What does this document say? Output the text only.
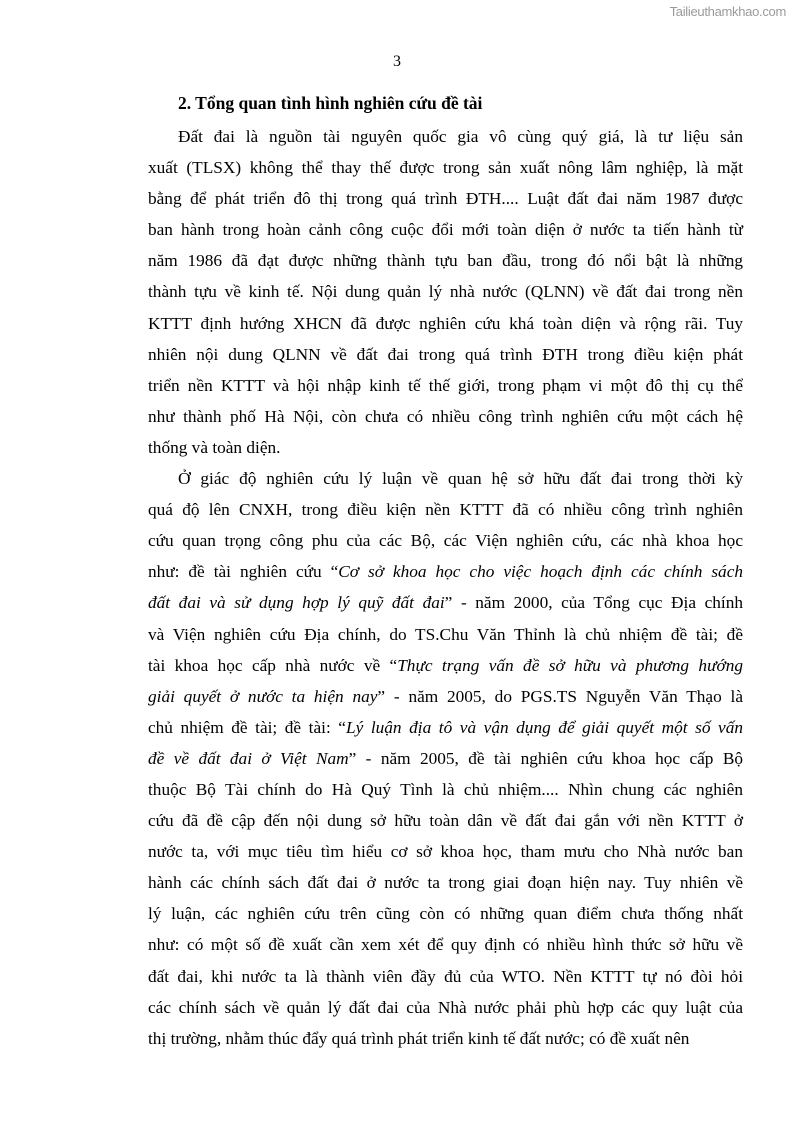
Tailieuthamkhao.com
3
2. Tổng quan tình hình nghiên cứu đề tài
Đất đai là nguồn tài nguyên quốc gia vô cùng quý giá, là tư liệu sản
xuất (TLSX) không thể thay thế được trong sản xuất nông lâm nghiệp, là mặt
bằng để phát triển đô thị trong quá trình ĐTH.... Luật đất đai năm 1987 được
ban hành trong hoàn cảnh công cuộc đổi mới toàn diện ở nước ta tiến hành từ
năm 1986 đã đạt được những thành tựu ban đầu, trong đó nổi bật là những
thành tựu về kinh tế. Nội dung quản lý nhà nước (QLNN) về đất đai trong nền
KTTT định hướng XHCN đã được nghiên cứu khá toàn diện và rộng rãi. Tuy
nhiên nội dung QLNN về đất đai trong quá trình ĐTH trong điều kiện phát
triển nền KTTT và hội nhập kinh tế thế giới, trong phạm vi một đô thị cụ thể
như thành phố Hà Nội, còn chưa có nhiều công trình nghiên cứu một cách hệ
thống và toàn diện.
Ở giác độ nghiên cứu lý luận về quan hệ sở hữu đất đai trong thời kỳ
quá độ lên CNXH, trong điều kiện nền KTTT đã có nhiều công trình nghiên
cứu quan trọng công phu của các Bộ, các Viện nghiên cứu, các nhà khoa học
như: đề tài nghiên cứu “Cơ sở khoa học cho việc hoạch định các chính sách
đất đai và sử dụng hợp lý quỹ đất đai” - năm 2000, của Tổng cục Địa chính
và Viện nghiên cứu Địa chính, do TS.Chu Văn Thỉnh là chủ nhiệm đề tài; đề
tài khoa học cấp nhà nước về “Thực trạng vấn đề sở hữu và phương hướng
giải quyết ở nước ta hiện nay” - năm 2005, do PGS.TS Nguyễn Văn Thạo là
chủ nhiệm đề tài; đề tài: “Lý luận địa tô và vận dụng để giải quyết một số vấn
đề về đất đai ở Việt Nam” - năm 2005, đề tài nghiên cứu khoa học cấp Bộ
thuộc Bộ Tài chính do Hà Quý Tình là chủ nhiệm.... Nhìn chung các nghiên
cứu đã đề cập đến nội dung sở hữu toàn dân về đất đai gắn với nền KTTT ở
nước ta, với mục tiêu tìm hiểu cơ sở khoa học, tham mưu cho Nhà nước ban
hành các chính sách đất đai ở nước ta trong giai đoạn hiện nay. Tuy nhiên về
lý luận, các nghiên cứu trên cũng còn có những quan điểm chưa thống nhất
như: có một số đề xuất cần xem xét để quy định có nhiều hình thức sở hữu về
đất đai, khi nước ta là thành viên đầy đủ của WTO. Nền KTTT tự nó đòi hỏi
các chính sách về quản lý đất đai của Nhà nước phải phù hợp các quy luật của
thị trường, nhằm thúc đẩy quá trình phát triển kinh tế đất nước; có đề xuất nên
